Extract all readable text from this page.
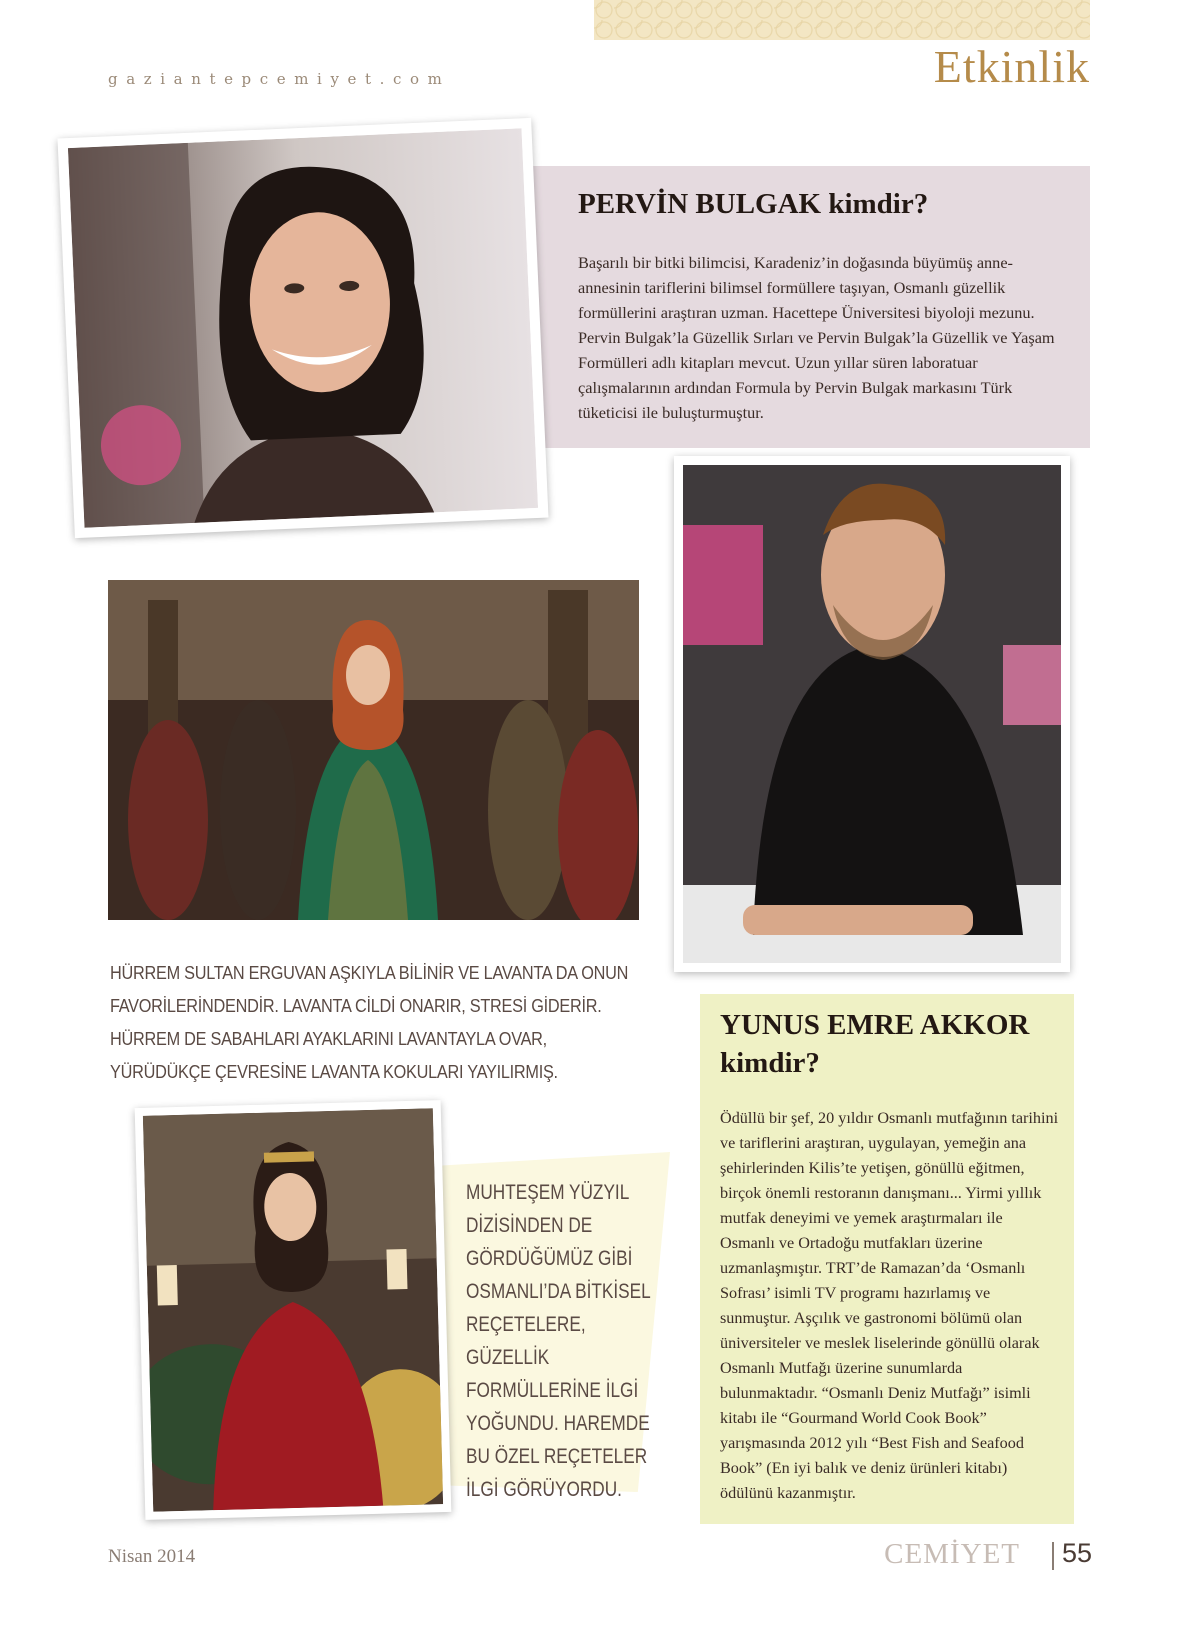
gaziantepcemiyet.com	Etkinlik
PERVİN BULGAK kimdir?

Başarılı bir bitki bilimcisi, Karadeniz’in doğasında büyümüş anne-annesinin tariflerini bilimsel formüllere taşıyan, Osmanlı güzellik formüllerini araştıran uzman. Hacettepe Üniversitesi biyoloji mezunu. Pervin Bulgak’la Güzellik Sırları ve Pervin Bulgak’la Güzellik ve Yaşam Formülleri adlı kitapları mevcut. Uzun yıllar süren laboratuar çalışmalarının ardından Formula by Pervin Bulgak markasını Türk tüketicisi ile buluşturmuştur.

HÜRREM SULTAN ERGUVAN AŞKIYLA BİLİNİR VE LAVANTA DA ONUN FAVORİLERİNDENDİR. LAVANTA CİLDİ ONARIR, STRESİ GİDERİR. HÜRREM DE SABAHLARI AYAKLARINI LAVANTAYLA OVAR, YÜRÜDÜKÇE ÇEVRESİNE LAVANTA KOKULARI YAYILIRMIŞ.
YUNUS EMRE AKKOR kimdir?

Ödüllü bir şef, 20 yıldır Osmanlı mutfağının tarihini ve tariflerini araştıran, uygulayan, yemeğin ana şehirlerinden Kilis’te yetişen, gönüllü eğitmen, birçok önemli restoranın danışmanı... Yirmi yıllık mutfak deneyimi ve yemek araştırmaları ile Osmanlı ve Ortadoğu mutfakları üzerine uzmanlaşmıştır. TRT’de Ramazan’da ‘Osmanlı Sofrası’ isimli TV programı hazırlamış ve sunmuştur. Aşçılık ve gastronomi bölümü olan üniversiteler ve meslek liselerinde gönüllü olarak Osmanlı Mutfağı üzerine sunumlarda bulunmaktadır. “Osmanlı Deniz Mutfağı” isimli kitabı ile “Gourmand World Cook Book” yarışmasında 2012 yılı “Best Fish and Seafood Book” (En iyi balık ve deniz ürünleri kitabı) ödülünü kazanmıştır.

MUHTEŞEM YÜZYIL DİZİSİNDEN DE GÖRDÜĞÜMÜZ GİBİ OSMANLI’DA BİTKİSEL REÇETELERE, GÜZELLİK FORMÜLLERİNE İLGİ YOĞUNDU. HAREMDE BU ÖZEL REÇETELER İLGİ GÖRÜYORDU.
Nisan 2014	CEMİYET 55
